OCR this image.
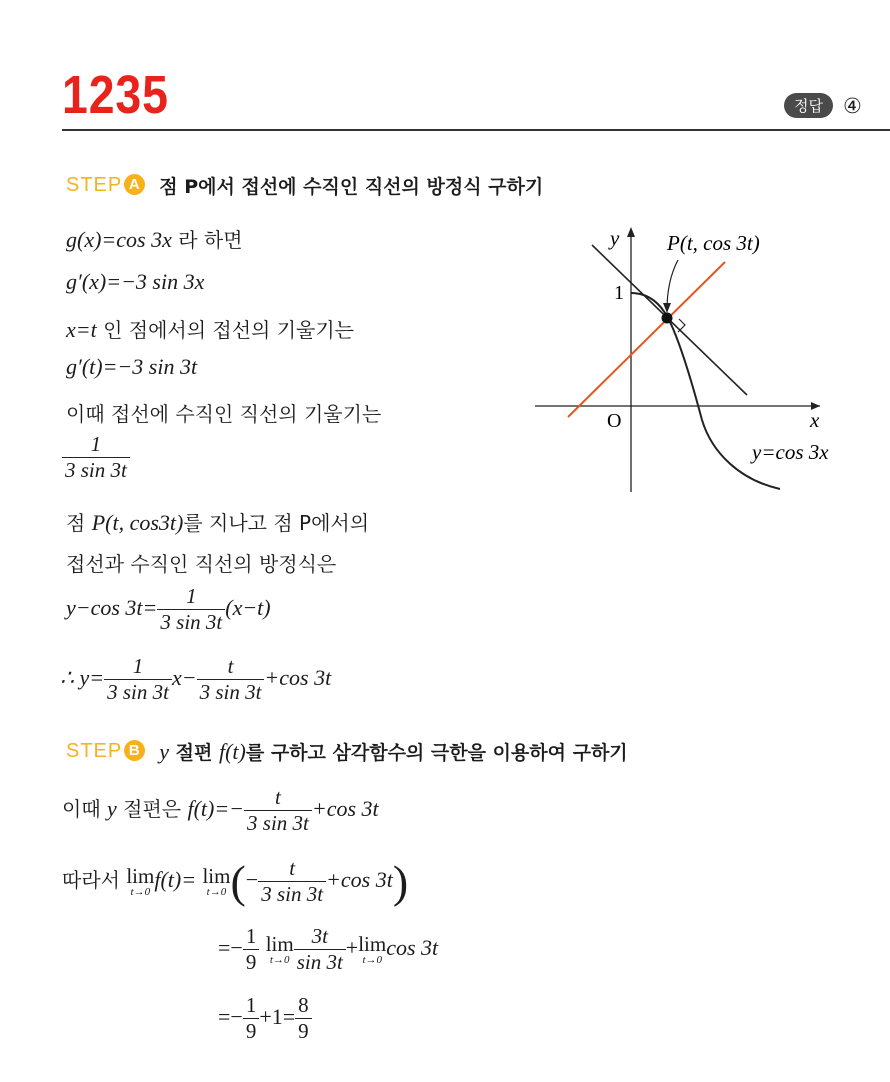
1235	정답 ④
STEP A 점 P에서 접선에 수직인 직선의 방정식 구하기
g(x)=cos 3x 라 하면
g′(x)=−3 sin 3x
x=t 인 점에서의 접선의 기울기는
g′(t)=−3 sin 3t
이때 접선에 수직인 직선의 기울기는
$\frac{1}{3 \sin 3t}$
점 P(t, cos3t)를 지나고 점 P에서의
접선과 수직인 직선의 방정식은
y−cos $3t= \frac{1}{3 \sin 3t} (x-t)$
∴ $y= \frac{1}{3 \sin 3t} x- \frac{t}{3 \sin 3t} +\cos$ 3t
y
x
O
1
P(t, cos 3t)
y=cos 3x
STEP B y 절편 f(t)를 구하고 삼각함수의 극한을 이용하여 구하기
이때 y 절편은 $f(t)=- \frac{t}{3 \sin 3t} +\cos$ 3t
따라서 lim
t→0 f(t)= lim
t→0 (− $\frac{t}{3 \sin 3t} +\cos$ 3t)
=− $\frac{1}{9}$ lim
$t\to 0 \frac{3t}{\sin 3t} +\lim$
t→0 cos 3t
=− $\frac{1}{9} +1= \frac{8}{9}$
